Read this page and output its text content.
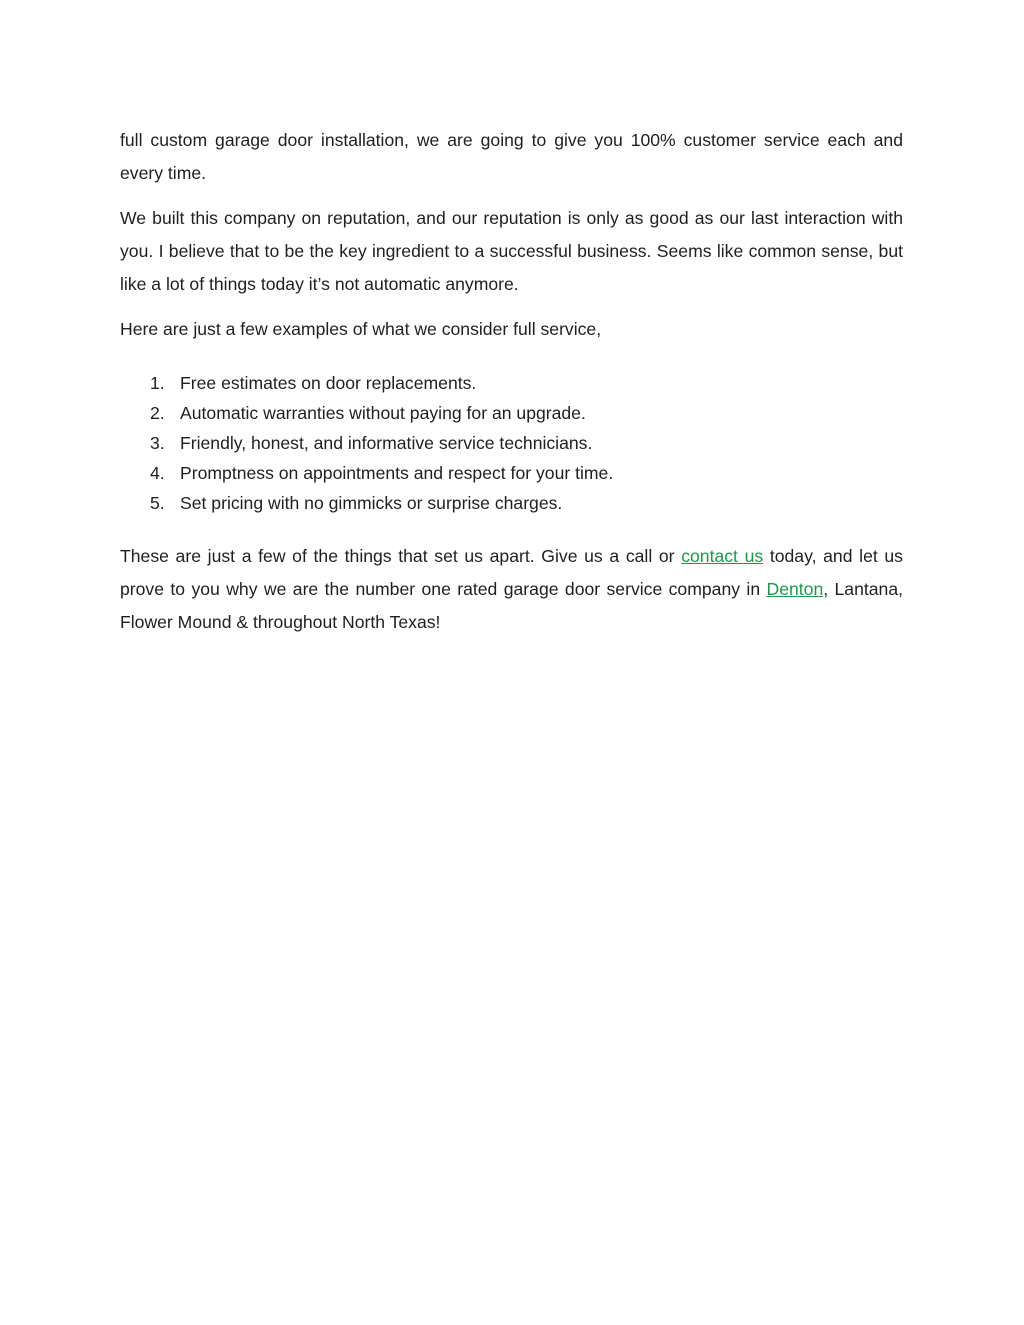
full custom garage door installation, we are going to give you 100% customer service each and every time.

We built this company on reputation, and our reputation is only as good as our last interaction with you. I believe that to be the key ingredient to a successful business. Seems like common sense, but like a lot of things today it’s not automatic anymore.

Here are just a few examples of what we consider full service,

1. Free estimates on door replacements.
2. Automatic warranties without paying for an upgrade.
3. Friendly, honest, and informative service technicians.
4. Promptness on appointments and respect for your time.
5. Set pricing with no gimmicks or surprise charges.

These are just a few of the things that set us apart. Give us a call or contact us today, and let us prove to you why we are the number one rated garage door service company in Denton, Lantana, Flower Mound & throughout North Texas!
